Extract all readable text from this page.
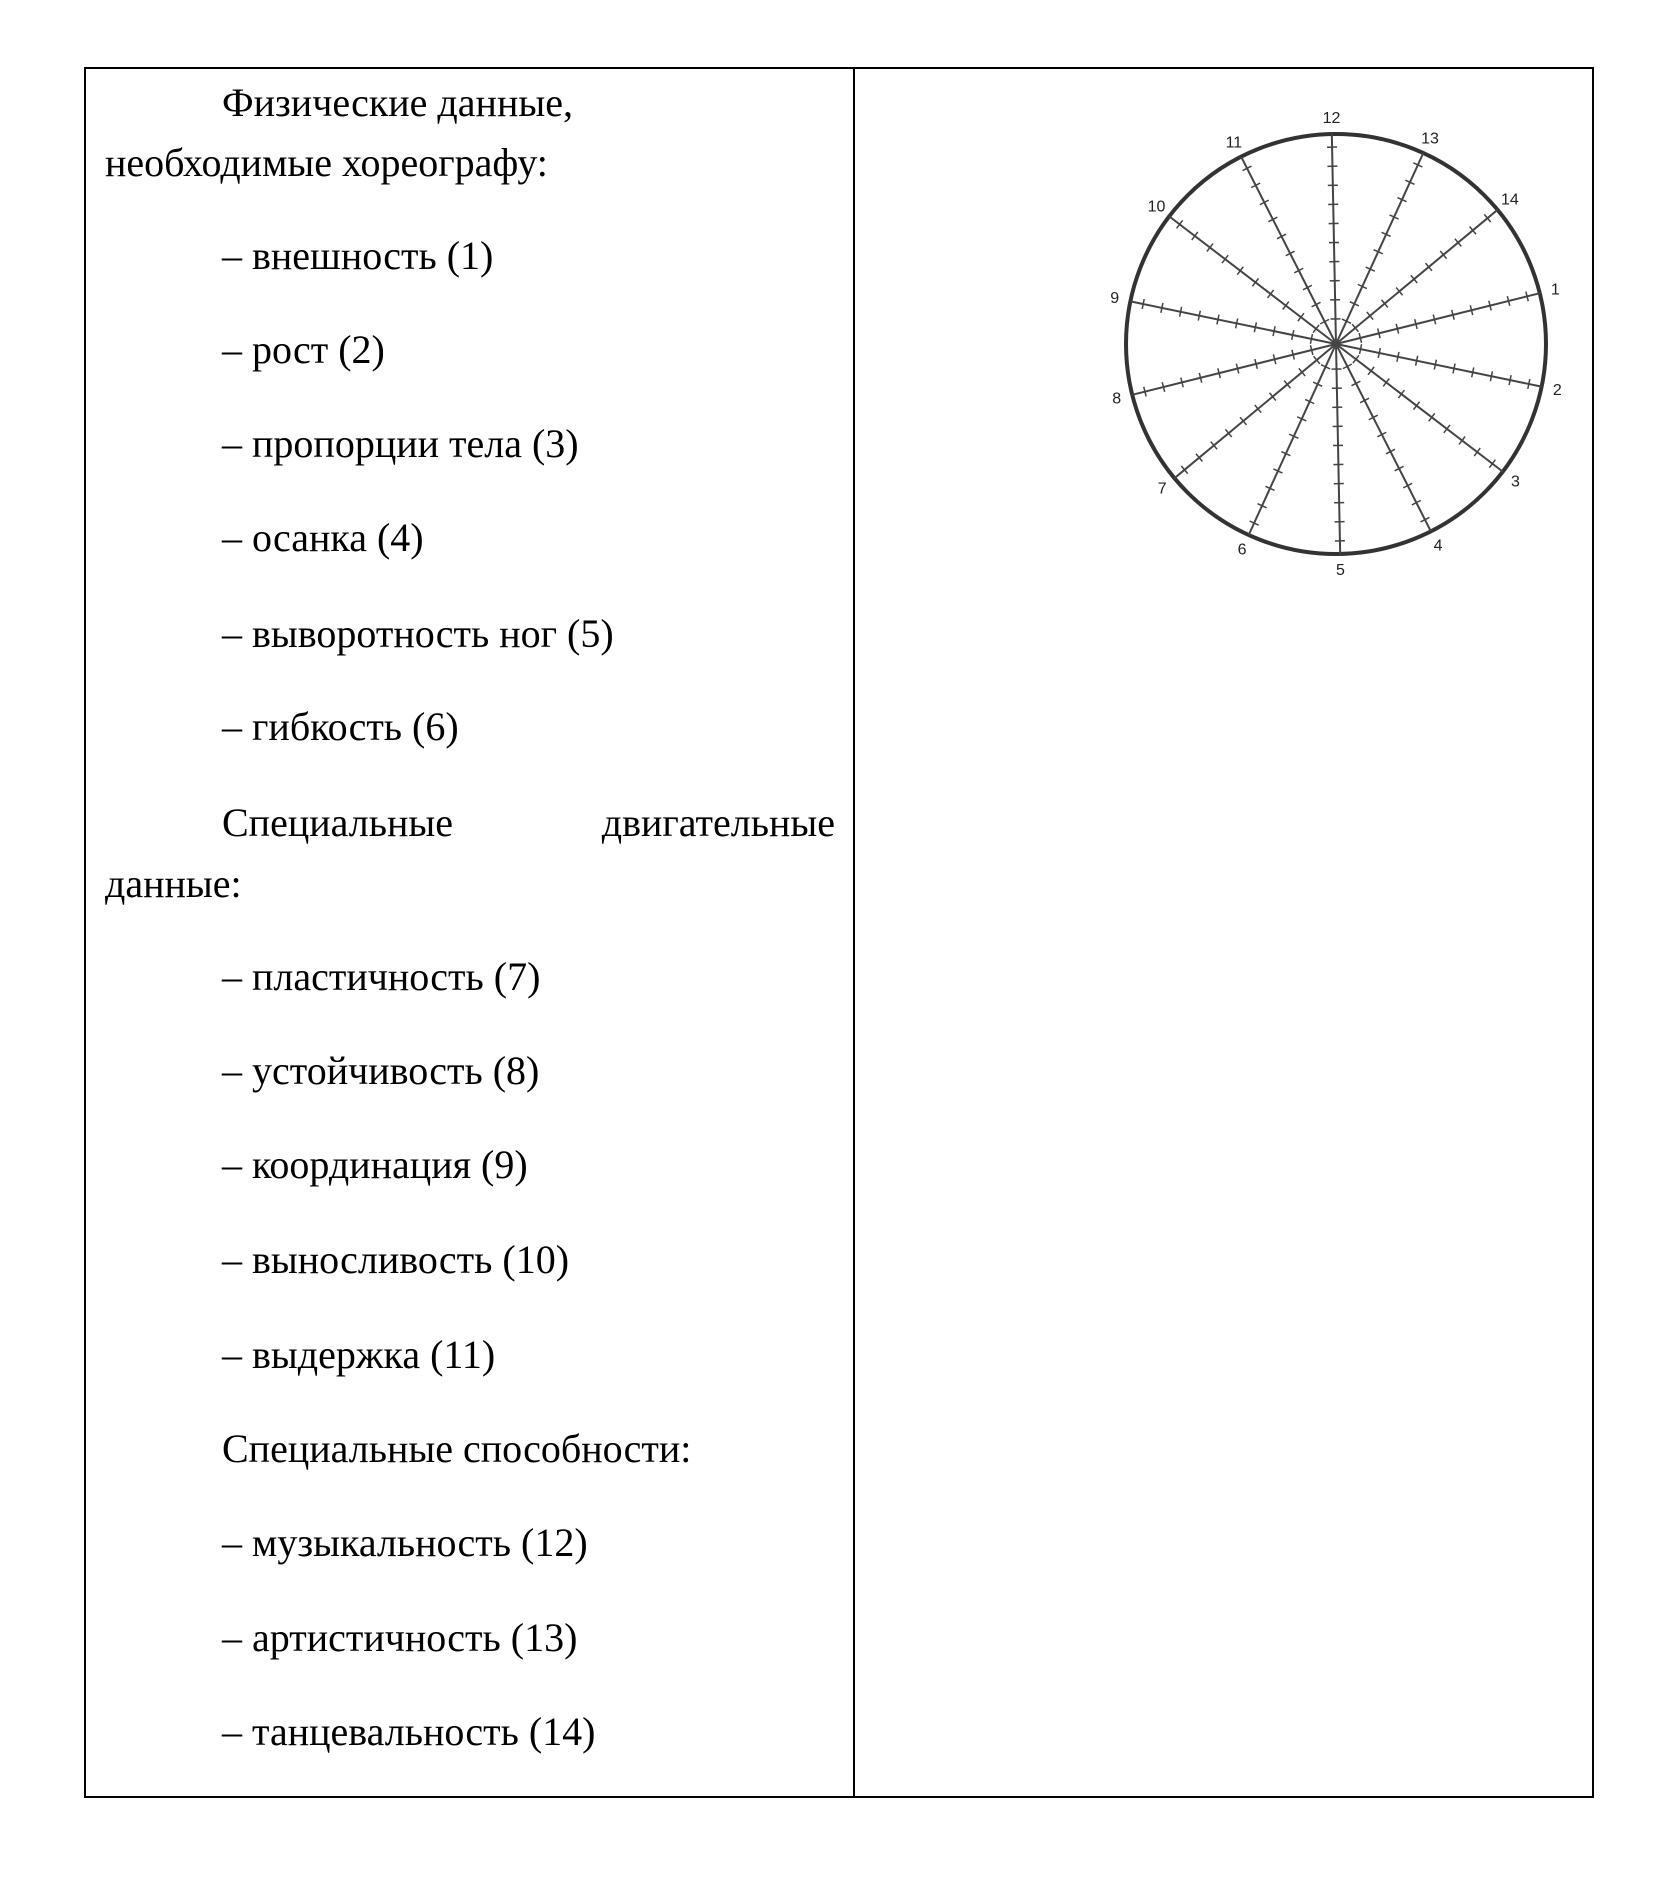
Физические данные,
необходимые хореографу:
– внешность (1)
– рост (2)
– пропорции тела (3)
– осанка (4)
– выворотность ног (5)
– гибкость (6)
Специальные	двигательные
данные:
– пластичность (7)
– устойчивость (8)
– координация (9)
– выносливость (10)
– выдержка (11)
Специальные способности:
– музыкальность (12)
– артистичность (13)
– танцевальность (14)
1
2
3
4
5
6
7
8
9
10
11
12
13
14
